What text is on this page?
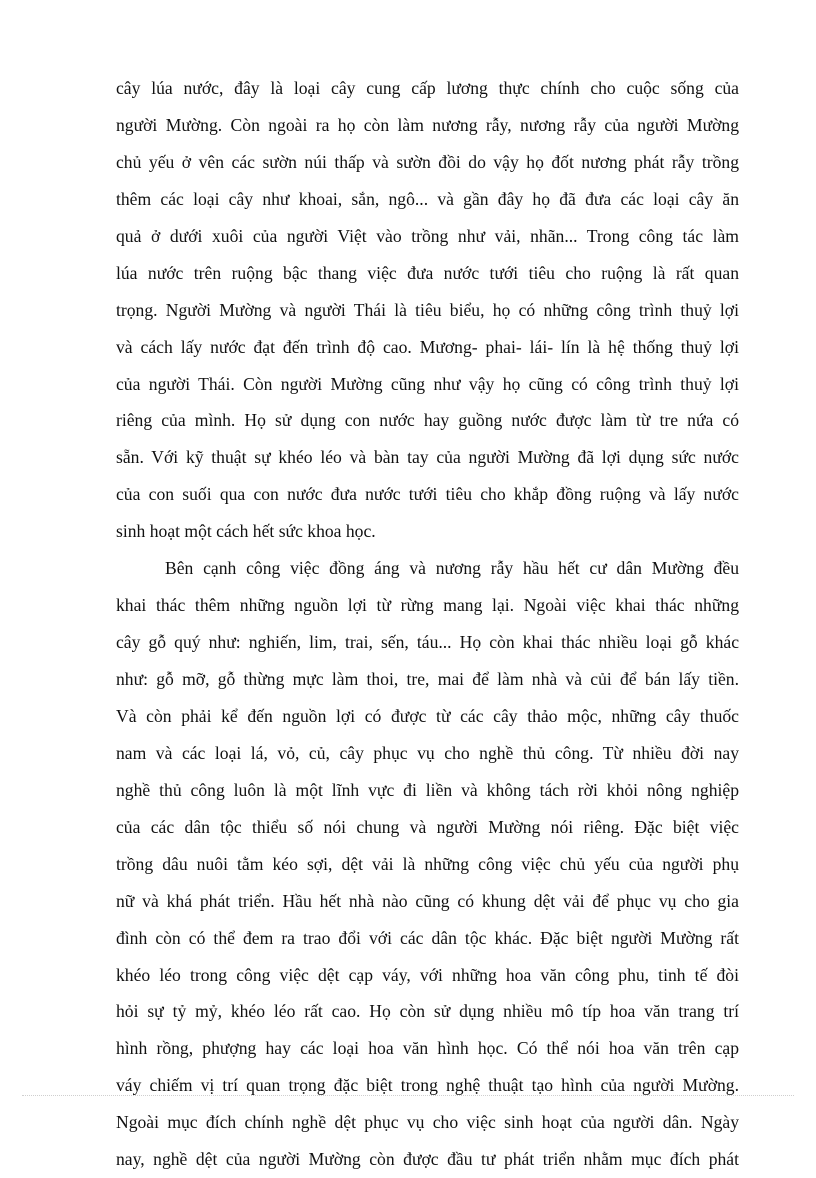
cây lúa nước, đây là loại cây cung cấp lương thực chính cho cuộc sống của
người Mường. Còn ngoài ra họ còn làm nương rẫy, nương rẫy của người Mường
chủ yếu ở vên các sườn núi thấp và sườn đồi do vậy họ đốt nương phát rẫy trồng
thêm các loại cây như khoai, sắn, ngô... và gần đây họ đã đưa các loại cây ăn
quả ở dưới xuôi của người Việt vào trồng như vải, nhãn... Trong công tác làm
lúa nước trên ruộng bậc thang việc đưa nước tưới tiêu cho ruộng là rất quan
trọng. Người Mường và người Thái là tiêu biểu, họ có những công trình thuỷ lợi
và cách lấy nước đạt đến trình độ cao. Mương- phai- lái- lín là hệ thống thuỷ lợi
của người Thái. Còn người Mường cũng như vậy họ cũng có công trình thuỷ lợi
riêng của mình. Họ sử dụng con nước hay guồng nước được làm từ tre nứa có
sẵn. Với kỹ thuật sự khéo léo và bàn tay của người Mường đã lợi dụng sức nước
của con suối qua con nước đưa nước tưới tiêu cho khắp đồng ruộng và lấy nước
sinh hoạt một cách hết sức khoa học.
Bên cạnh công việc đồng áng và nương rẫy hầu hết cư dân Mường đều
khai thác thêm những nguồn lợi từ rừng mang lại. Ngoài việc khai thác những
cây gỗ quý như: nghiến, lim, trai, sến, táu... Họ còn khai thác nhiều loại gỗ khác
như: gỗ mỡ, gỗ thừng mực làm thoi, tre, mai để làm nhà và củi để bán lấy tiền.
Và còn phải kể đến nguồn lợi có được từ các cây thảo mộc, những cây thuốc
nam và các loại lá, vỏ, củ, cây phục vụ cho nghề thủ công. Từ nhiều đời nay
nghề thủ công luôn là một lĩnh vực đi liền và không tách rời khỏi nông nghiệp
của các dân tộc thiểu số nói chung và người Mường nói riêng. Đặc biệt việc
trồng dâu nuôi tằm kéo sợi, dệt vải là những công việc chủ yếu của người phụ
nữ và khá phát triển. Hầu hết nhà nào cũng có khung dệt vải để phục vụ cho gia
đình còn có thể đem ra trao đổi với các dân tộc khác. Đặc biệt người Mường rất
khéo léo trong công việc dệt cạp váy, với những hoa văn công phu, tinh tế đòi
hỏi sự tỷ mỷ, khéo léo rất cao. Họ còn sử dụng nhiều mô típ hoa văn trang trí
hình rồng, phượng hay các loại hoa văn hình học. Có thể nói hoa văn trên cạp
váy chiếm vị trí quan trọng đặc biệt trong nghệ thuật tạo hình của người Mường.
Ngoài mục đích chính nghề dệt phục vụ cho việc sinh hoạt của người dân. Ngày
nay, nghề dệt của người Mường còn được đầu tư phát triển nhằm mục đích phát
